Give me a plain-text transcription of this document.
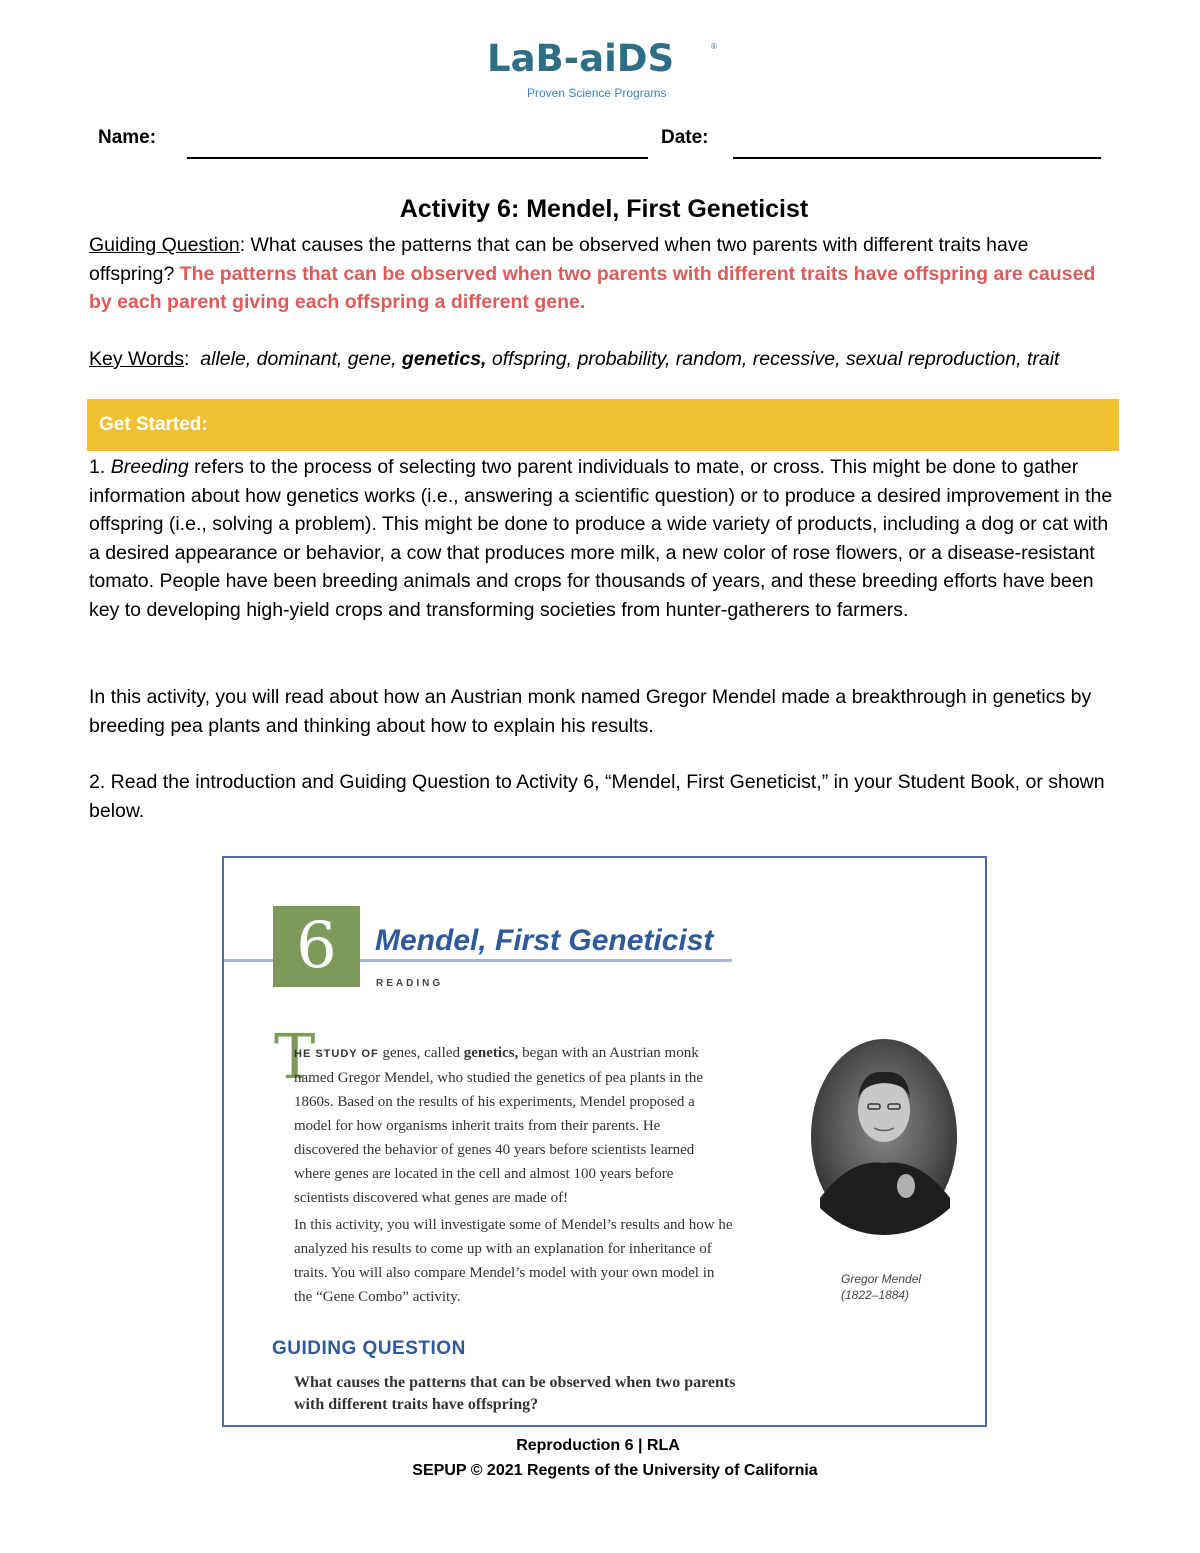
LaB-aiDS	®
Proven Science Programs
Name:	Date:
Activity 6: Mendel, First Geneticist
Guiding Question: What causes the patterns that can be observed when two parents with different traits have offspring? The patterns that can be observed when two parents with different traits have offspring are caused by each parent giving each offspring a different gene.
Key Words:  allele, dominant, gene, genetics, offspring, probability, random, recessive, sexual reproduction, trait
Get Started:
1. Breeding refers to the process of selecting two parent individuals to mate, or cross. This might be done to gather information about how genetics works (i.e., answering a scientific question) or to produce a desired improvement in the offspring (i.e., solving a problem). This might be done to produce a wide variety of products, including a dog or cat with a desired appearance or behavior, a cow that produces more milk, a new color of rose flowers, or a disease-resistant tomato. People have been breeding animals and crops for thousands of years, and these breeding efforts have been key to developing high-yield crops and transforming societies from hunter-gatherers to farmers.
In this activity, you will read about how an Austrian monk named Gregor Mendel made a breakthrough in genetics by breeding pea plants and thinking about how to explain his results.
2. Read the introduction and Guiding Question to Activity 6, “Mendel, First Geneticist,” in your Student Book, or shown below.
6	Mendel, First Geneticist
READING
T
HE STUDY OF genes, called genetics, began with an Austrian monk named Gregor Mendel, who studied the genetics of pea plants in the 1860s. Based on the results of his experiments, Mendel proposed a model for how organisms inherit traits from their parents. He discovered the behavior of genes 40 years before scientists learned where genes are located in the cell and almost 100 years before scientists discovered what genes are made of!
In this activity, you will investigate some of Mendel’s results and how he analyzed his results to come up with an explanation for inheritance of traits. You will also compare Mendel’s model with your own model in the “Gene Combo” activity.
Gregor Mendel
(1822–1884)
GUIDING QUESTION
What causes the patterns that can be observed when two parents with different traits have offspring?
Reproduction 6 | RLA
SEPUP © 2021 Regents of the University of California
